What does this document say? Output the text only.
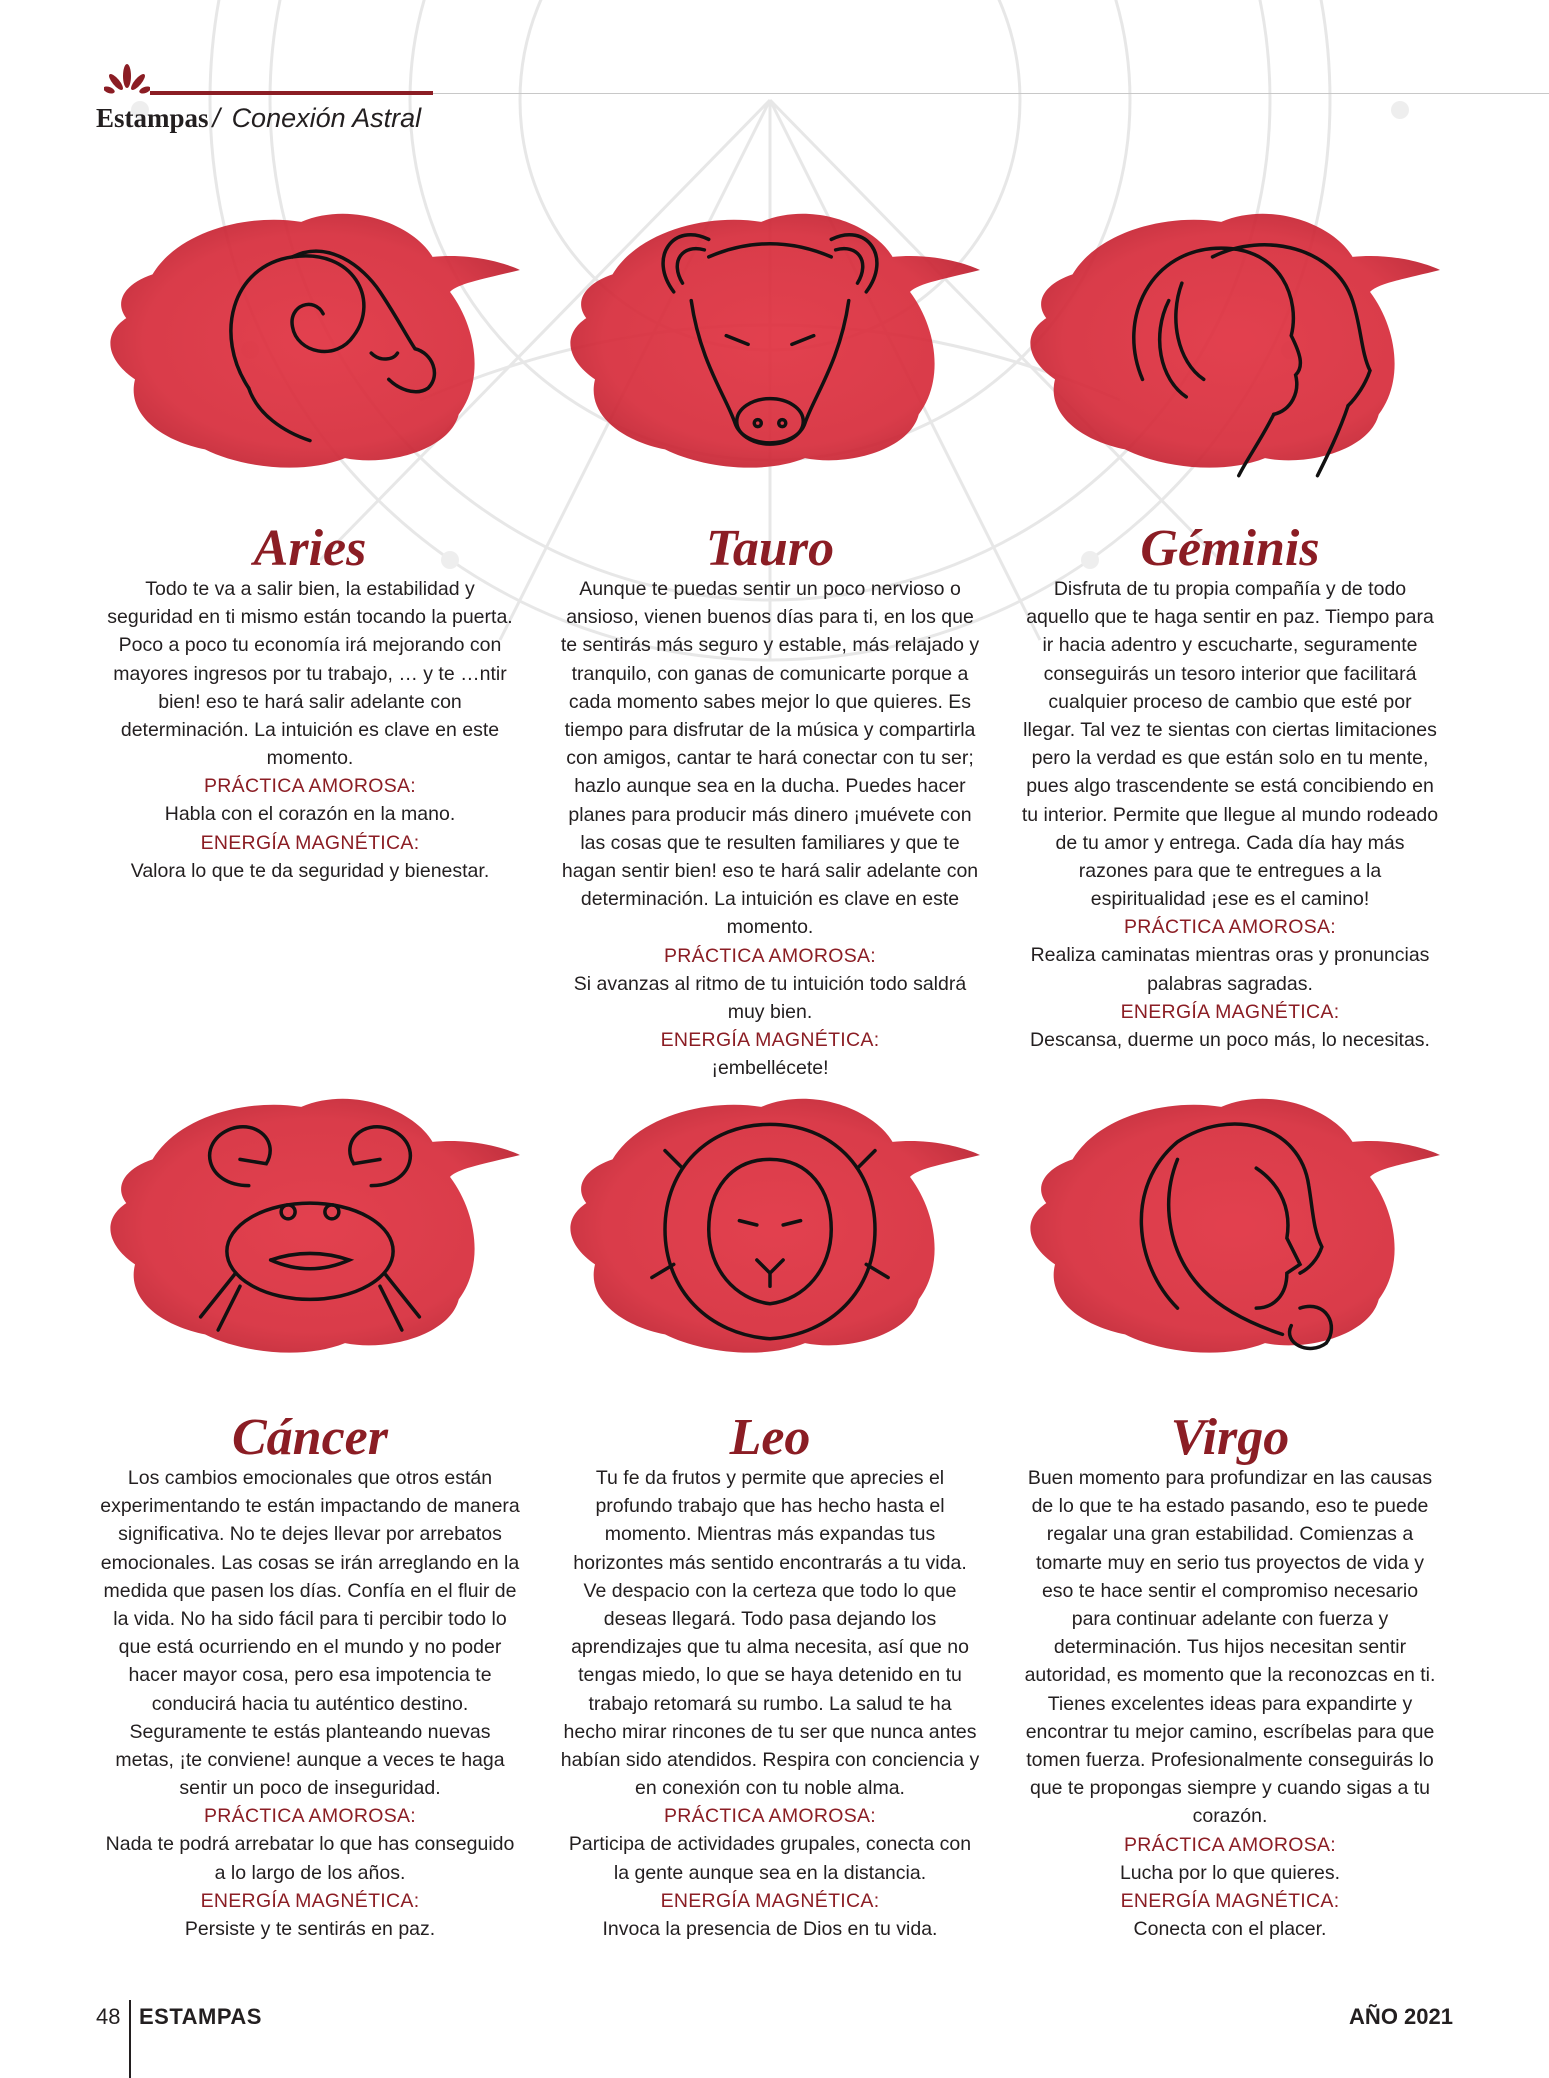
Estampas / Conexión Astral
Aries

Todo te va a salir bien, la estabilidad y seguridad en ti mismo están tocando la puerta. Poco a poco tu economía irá mejorando con mayores ingresos por tu trabajo, … y te …ntir bien! eso te hará salir adelante con determinación. La intuición es clave en este momento.

PRÁCTICA AMOROSA:
Habla con el corazón en la mano.
ENERGÍA MAGNÉTICA:
Valora lo que te da seguridad y bienestar.
Tauro

Aunque te puedas sentir un poco nervioso o ansioso, vienen buenos días para ti, en los que te sentirás más seguro y estable, más relajado y tranquilo, con ganas de comunicarte porque a cada momento sabes mejor lo que quieres. Es tiempo para disfrutar de la música y compartirla con amigos, cantar te hará conectar con tu ser; hazlo aunque sea en la ducha. Puedes hacer planes para producir más dinero ¡muévete con las cosas que te resulten familiares y que te hagan sentir bien! eso te hará salir adelante con determinación. La intuición es clave en este momento.

PRÁCTICA AMOROSA:
Si avanzas al ritmo de tu intuición todo saldrá muy bien.
ENERGÍA MAGNÉTICA:
¡embellécete!
Géminis

Disfruta de tu propia compañía y de todo aquello que te haga sentir en paz. Tiempo para ir hacia adentro y escucharte, seguramente conseguirás un tesoro interior que facilitará cualquier proceso de cambio que esté por llegar. Tal vez te sientas con ciertas limitaciones pero la verdad es que están solo en tu mente, pues algo trascendente se está concibiendo en tu interior. Permite que llegue al mundo rodeado de tu amor y entrega. Cada día hay más razones para que te entregues a la espiritualidad ¡ese es el camino!

PRÁCTICA AMOROSA:
Realiza caminatas mientras oras y pronuncias palabras sagradas.
ENERGÍA MAGNÉTICA:
Descansa, duerme un poco más, lo necesitas.
Cáncer

Los cambios emocionales que otros están experimentando te están impactando de manera significativa. No te dejes llevar por arrebatos emocionales. Las cosas se irán arreglando en la medida que pasen los días. Confía en el fluir de la vida. No ha sido fácil para ti percibir todo lo que está ocurriendo en el mundo y no poder hacer mayor cosa, pero esa impotencia te conducirá hacia tu auténtico destino. Seguramente te estás planteando nuevas metas, ¡te conviene! aunque a veces te haga sentir un poco de inseguridad.

PRÁCTICA AMOROSA:
Nada te podrá arrebatar lo que has conseguido a lo largo de los años.
ENERGÍA MAGNÉTICA:
Persiste y te sentirás en paz.
Leo

Tu fe da frutos y permite que aprecies el profundo trabajo que has hecho hasta el momento. Mientras más expandas tus horizontes más sentido encontrarás a tu vida. Ve despacio con la certeza que todo lo que deseas llegará. Todo pasa dejando los aprendizajes que tu alma necesita, así que no tengas miedo, lo que se haya detenido en tu trabajo retomará su rumbo. La salud te ha hecho mirar rincones de tu ser que nunca antes habían sido atendidos. Respira con conciencia y en conexión con tu noble alma.

PRÁCTICA AMOROSA:
Participa de actividades grupales, conecta con la gente aunque sea en la distancia.
ENERGÍA MAGNÉTICA:
Invoca la presencia de Dios en tu vida.
Virgo

Buen momento para profundizar en las causas de lo que te ha estado pasando, eso te puede regalar una gran estabilidad. Comienzas a tomarte muy en serio tus proyectos de vida y eso te hace sentir el compromiso necesario para continuar adelante con fuerza y determinación. Tus hijos necesitan sentir autoridad, es momento que la reconozcas en ti. Tienes excelentes ideas para expandirte y encontrar tu mejor camino, escríbelas para que tomen fuerza. Profesionalmente conseguirás lo que te propongas siempre y cuando sigas a tu corazón.

PRÁCTICA AMOROSA:
Lucha por lo que quieres.
ENERGÍA MAGNÉTICA:
Conecta con el placer.
48 ESTAMPAS	AÑO 2021
